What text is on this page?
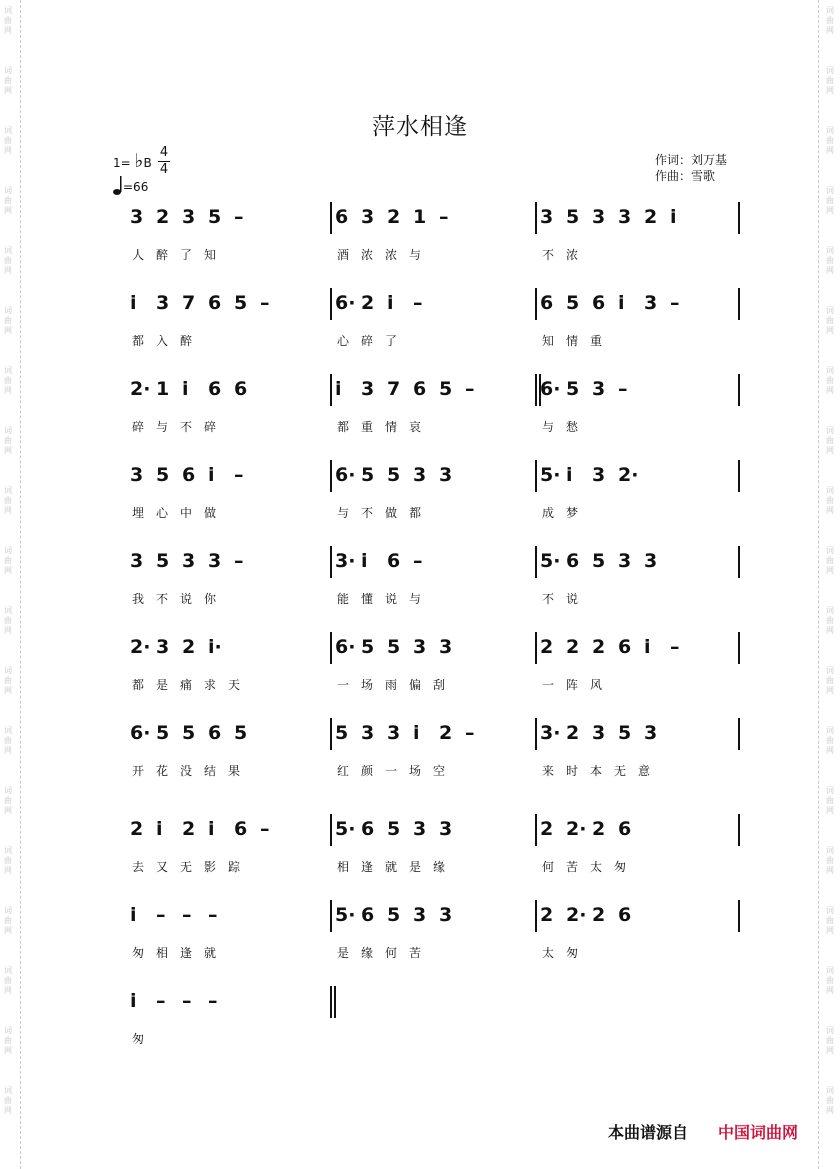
词
曲
网
词
曲
网
词
曲
网
词
曲
网
词
曲
网
词
曲
网
词
曲
网
词
曲
网
词
曲
网
词
曲
网
词
曲
网
词
曲
网
词
曲
网
词
曲
网
词
曲
网
词
曲
网
词
曲
网
词
曲
网
词
曲
网
词
曲
网
词
曲
网
词
曲
网
词
曲
网
词
曲
网
词
曲
网
词
曲
网
词
曲
网
词
曲
网
词
曲
网
词
曲
网
词
曲
网
词
曲
网
词
曲
网
词
曲
网
词
曲
网
词
曲
网
词
曲
网
词
曲
网
萍水相逢
1= ♭B
4
4
=66
作词：刘万基
作曲：雪歌
3 2 3 5 –	6 3 2 1 –	3 5 3 3 2 i
人 醉 了 知	酒 浓 浓 与	不 浓
i 3 7 6 5 –	6· 2 i –	6 5 6 i 3 –
都 入 醉	心 碎 了	知 情 重
2· 1 i 6 6	i 3 7 6 5 –	6· 5 3 –
碎 与 不 碎	都 重 情 哀	与 愁
3 5 6 i –	6· 5 5 3 3	5· i 3 2·
埋 心 中 做	与 不 做 都	成 梦
3 5 3 3 –	3· i 6 –	5· 6 5 3 3
我 不 说 你	能 懂 说 与	不 说
2· 3 2 i·	6· 5 5 3 3	2 2 2 6 i –
都 是 痛 求 天	一 场 雨 偏 刮	一 阵 风
6· 5 5 6 5	5 3 3 i 2 –	3· 2 3 5 3
开 花 没 结 果	红 颜 一 场 空	来 时 本 无 意
2 i 2 i 6 –	5· 6 5 3 3	2 2· 2 6
去 又 无 影 踪	相 逢 就 是 缘	何 苦 太 匆
i – – –	5· 6 5 3 3	2 2· 2 6
匆 相 逢 就	是 缘 何 苦	太 匆
i – – –
匆
本曲谱源自 中国词曲网
